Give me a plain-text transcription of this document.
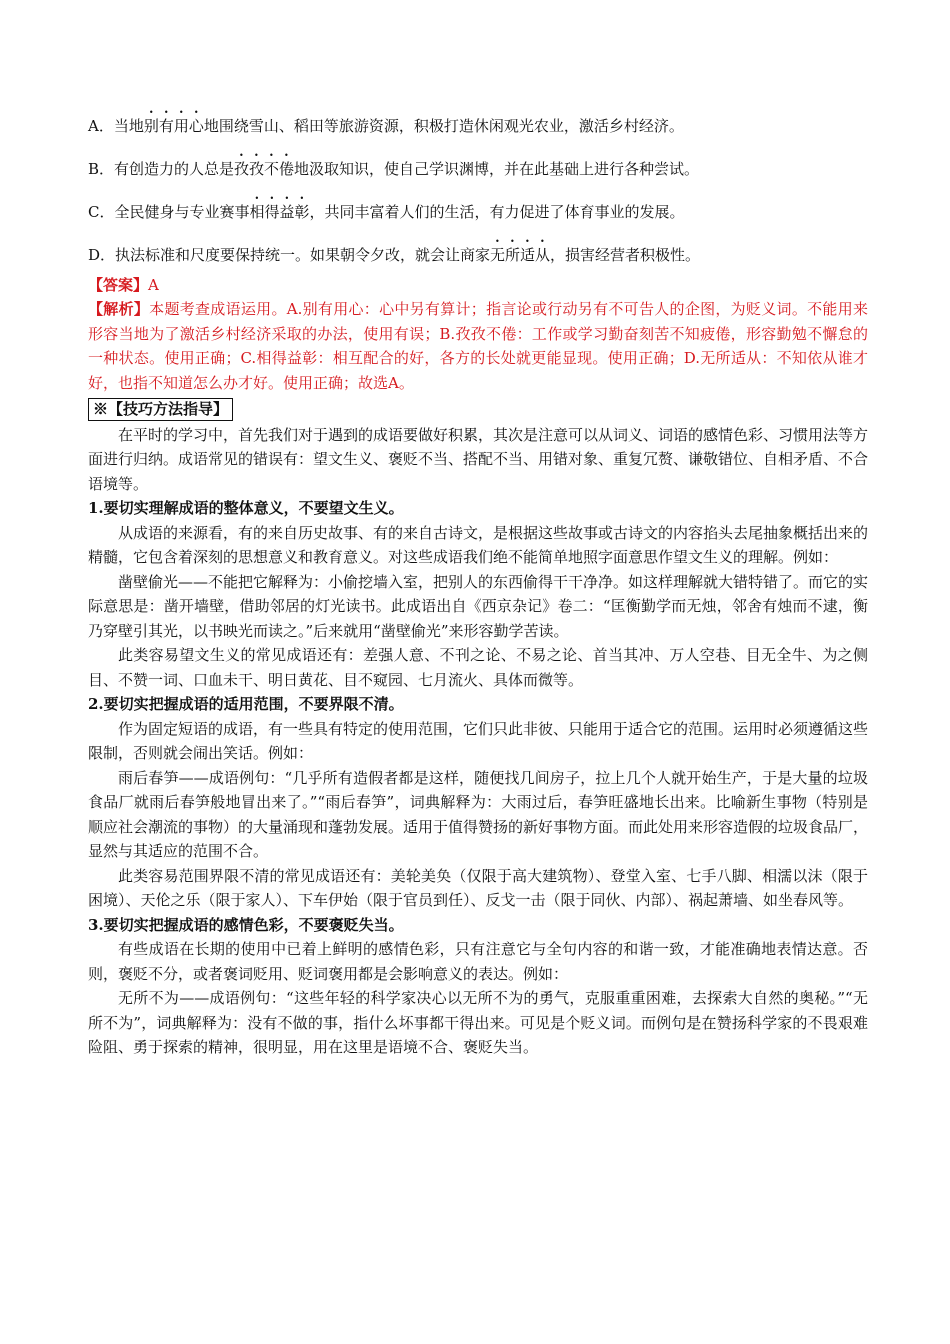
A．当地别有用心地围绕雪山、稻田等旅游资源，积极打造休闲观光农业，激活乡村经济。

B．有创造力的人总是孜孜不倦地汲取知识，使自己学识渊博，并在此基础上进行各种尝试。

C．全民健身与专业赛事相得益彰，共同丰富着人们的生活，有力促进了体育事业的发展。

D．执法标准和尺度要保持统一。如果朝令夕改，就会让商家无所适从，损害经营者积极性。

【答案】A

【解析】本题考查成语运用。A.别有用心：心中另有算计；指言论或行动另有不可告人的企图，为贬义词。不能用来形容当地为了激活乡村经济采取的办法，使用有误；B.孜孜不倦：工作或学习勤奋刻苦不知疲倦，形容勤勉不懈怠的一种状态。使用正确；C.相得益彰：相互配合的好，各方的长处就更能显现。使用正确；D.无所适从：不知依从谁才好，也指不知道怎么办才好。使用正确；故选A。

※【技巧方法指导】

在平时的学习中，首先我们对于遇到的成语要做好积累，其次是注意可以从词义、词语的感情色彩、习惯用法等方面进行归纳。成语常见的错误有：望文生义、褒贬不当、搭配不当、用错对象、重复冗赘、谦敬错位、自相矛盾、不合语境等。

1.要切实理解成语的整体意义，不要望文生义。

从成语的来源看，有的来自历史故事、有的来自古诗文，是根据这些故事或古诗文的内容掐头去尾抽象概括出来的精髓，它包含着深刻的思想意义和教育意义。对这些成语我们绝不能简单地照字面意思作望文生义的理解。例如：

凿壁偷光——不能把它解释为：小偷挖墙入室，把别人的东西偷得干干净净。如这样理解就大错特错了。而它的实际意思是：凿开墙壁，借助邻居的灯光读书。此成语出自《西京杂记》卷二：“匡衡勤学而无烛，邻舍有烛而不逮，衡乃穿壁引其光，以书映光而读之。”后来就用“凿壁偷光”来形容勤学苦读。

此类容易望文生义的常见成语还有：差强人意、不刊之论、不易之论、首当其冲、万人空巷、目无全牛、为之侧目、不赞一词、口血未干、明日黄花、目不窥园、七月流火、具体而微等。

2.要切实把握成语的适用范围，不要界限不清。

作为固定短语的成语，有一些具有特定的使用范围，它们只此非彼、只能用于适合它的范围。运用时必须遵循这些限制，否则就会闹出笑话。例如：

雨后春笋——成语例句：“几乎所有造假者都是这样，随便找几间房子，拉上几个人就开始生产，于是大量的垃圾食品厂就雨后春笋般地冒出来了。”“雨后春笋”，词典解释为：大雨过后，春笋旺盛地长出来。比喻新生事物（特别是顺应社会潮流的事物）的大量涌现和蓬勃发展。适用于值得赞扬的新好事物方面。而此处用来形容造假的垃圾食品厂，显然与其适应的范围不合。

此类容易范围界限不清的常见成语还有：美轮美奂（仅限于高大建筑物）、登堂入室、七手八脚、相濡以沫（限于困境）、天伦之乐（限于家人）、下车伊始（限于官员到任）、反戈一击（限于同伙、内部）、祸起萧墙、如坐春风等。

3.要切实把握成语的感情色彩，不要褒贬失当。

有些成语在长期的使用中已着上鲜明的感情色彩，只有注意它与全句内容的和谐一致，才能准确地表情达意。否则，褒贬不分，或者褒词贬用、贬词褒用都是会影响意义的表达。例如：

无所不为——成语例句：“这些年轻的科学家决心以无所不为的勇气，克服重重困难，去探索大自然的奥秘。”“无所不为”，词典解释为：没有不做的事，指什么坏事都干得出来。可见是个贬义词。而例句是在赞扬科学家的不畏艰难险阻、勇于探索的精神，很明显，用在这里是语境不合、褒贬失当。
